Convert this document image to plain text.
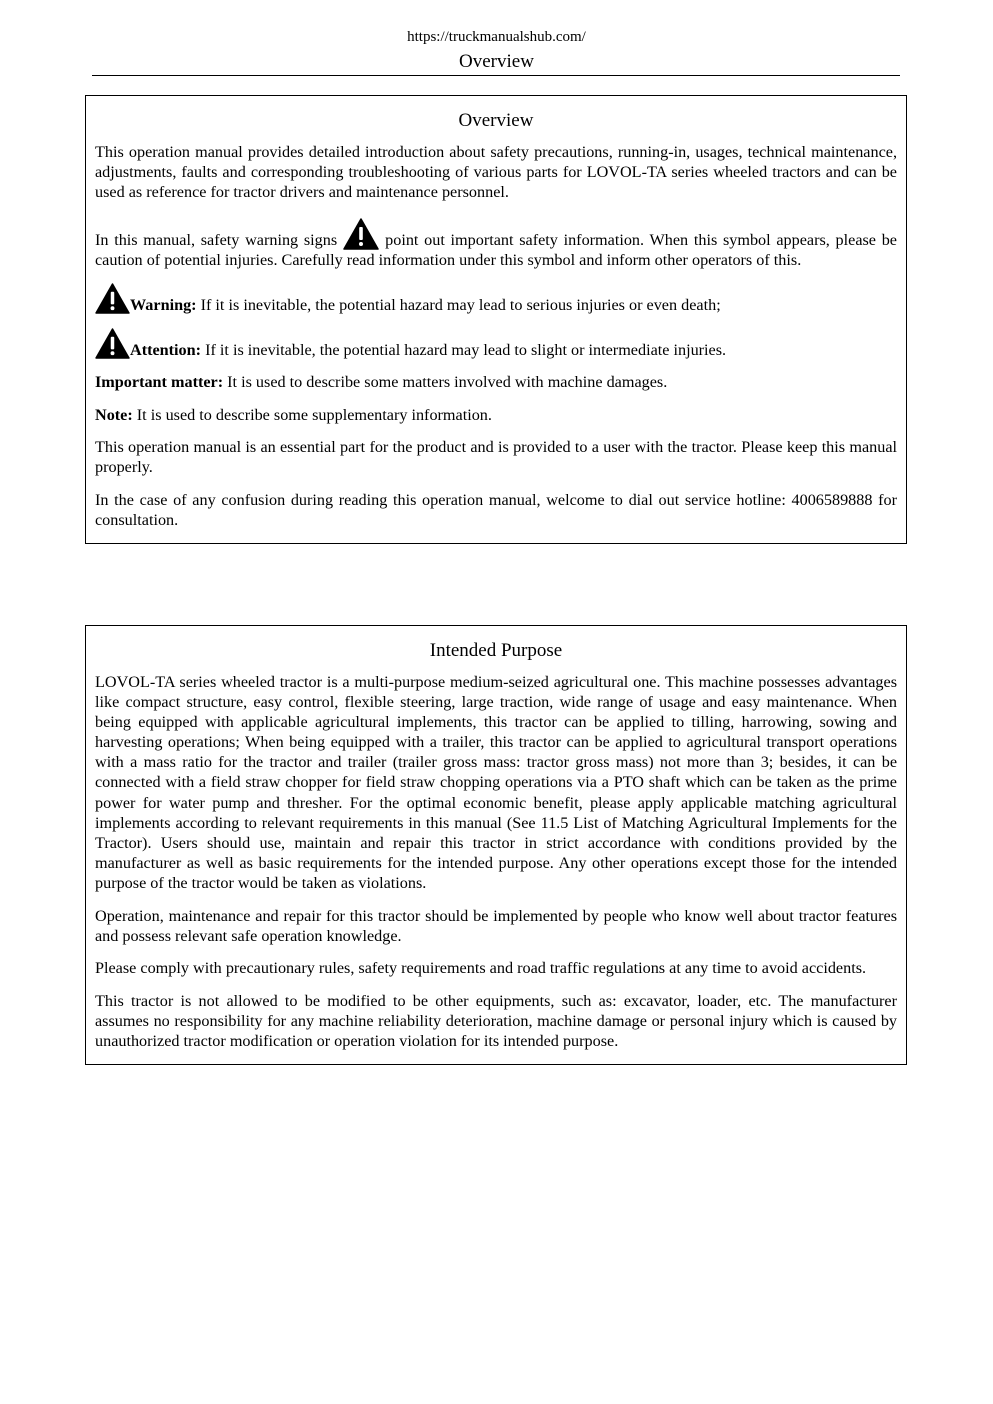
https://truckmanualshub.com/
Overview
Overview

This operation manual provides detailed introduction about safety precautions, running-in, usages, technical maintenance, adjustments, faults and corresponding troubleshooting of various parts for LOVOL-TA series wheeled tractors and can be used as reference for tractor drivers and maintenance personnel.

In this manual, safety warning signs	point out important safety information. When this symbol appears, please be caution of potential injuries. Carefully read information under this symbol and inform other operators of this.

Warning: If it is inevitable, the potential hazard may lead to serious injuries or even death;

Attention: If it is inevitable, the potential hazard may lead to slight or intermediate injuries.

Important matter: It is used to describe some matters involved with machine damages.

Note: It is used to describe some supplementary information.

This operation manual is an essential part for the product and is provided to a user with the tractor. Please keep this manual properly.

In the case of any confusion during reading this operation manual, welcome to dial out service hotline: 4006589888 for consultation.

Intended Purpose

LOVOL-TA series wheeled tractor is a multi-purpose medium-seized agricultural one. This machine possesses advantages like compact structure, easy control, flexible steering, large traction, wide range of usage and easy maintenance. When being equipped with applicable agricultural implements, this tractor can be applied to tilling, harrowing, sowing and harvesting operations; When being equipped with a trailer, this tractor can be applied to agricultural transport operations with a mass ratio for the tractor and trailer (trailer gross mass: tractor gross mass) not more than 3; besides, it can be connected with a field straw chopper for field straw chopping operations via a PTO shaft which can be taken as the prime power for water pump and thresher. For the optimal economic benefit, please apply applicable matching agricultural implements according to relevant requirements in this manual (See 11.5 List of Matching Agricultural Implements for the Tractor). Users should use, maintain and repair this tractor in strict accordance with conditions provided by the manufacturer as well as basic requirements for the intended purpose. Any other operations except those for the intended purpose of the tractor would be taken as violations.

Operation, maintenance and repair for this tractor should be implemented by people who know well about tractor features and possess relevant safe operation knowledge.

Please comply with precautionary rules, safety requirements and road traffic regulations at any time to avoid accidents.

This tractor is not allowed to be modified to be other equipments, such as: excavator, loader, etc. The manufacturer assumes no responsibility for any machine reliability deterioration, machine damage or personal injury which is caused by unauthorized tractor modification or operation violation for its intended purpose.
